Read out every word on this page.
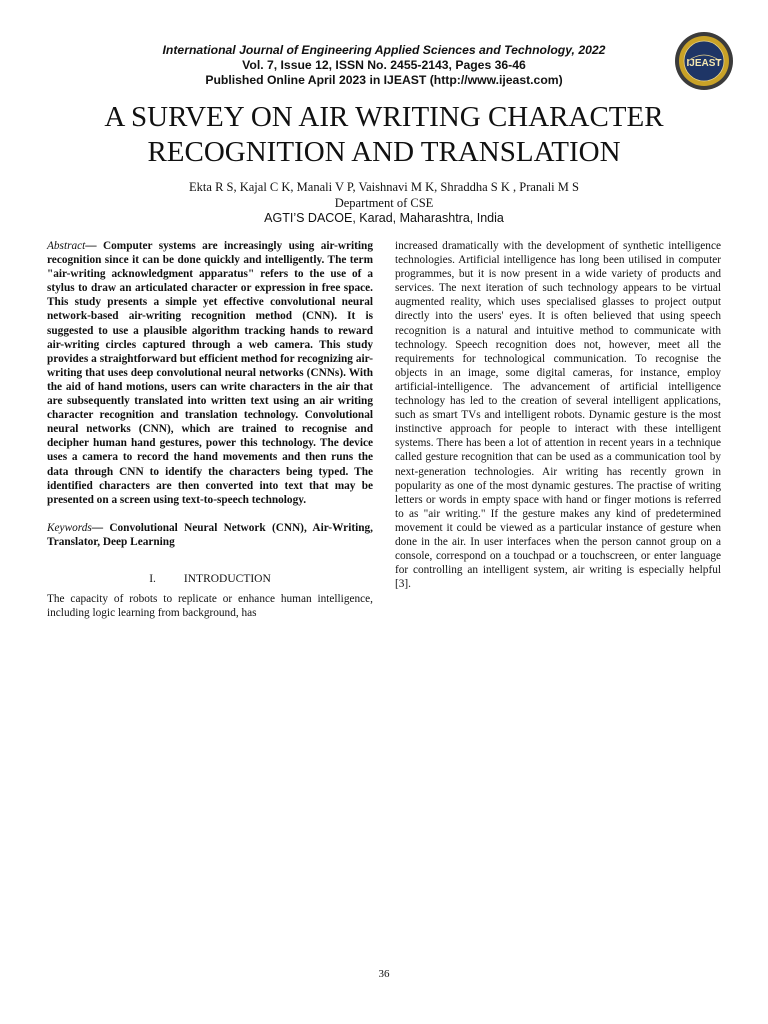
International Journal of Engineering Applied Sciences and Technology, 2022
Vol. 7, Issue 12, ISSN No. 2455-2143, Pages 36-46
Published Online April 2023 in IJEAST (http://www.ijeast.com)
IJEAST
A SURVEY ON AIR WRITING CHARACTER
RECOGNITION AND TRANSLATION
Ekta R S, Kajal C K, Manali V P, Vaishnavi M K, Shraddha S K , Pranali M S
Department of CSE
AGTI’S DACOE, Karad, Maharashtra, India

Abstract— Computer systems are increasingly using air-writing recognition since it can be done quickly and intelligently. The term "air-writing acknowledgment apparatus" refers to the use of a stylus to draw an articulated character or expression in free space. This study presents a simple yet effective convolutional neural network-based air-writing recognition method (CNN). It is suggested to use a plausible algorithm tracking hands to reward air-writing circles captured through a web camera. This study provides a straightforward but efficient method for recognizing air-writing that uses deep convolutional neural networks (CNNs). With the aid of hand motions, users can write characters in the air that are subsequently translated into written text using an air writing character recognition and translation technology. Convolutional neural networks (CNN), which are trained to recognise and decipher human hand gestures, power this technology. The device uses a camera to record the hand movements and then runs the data through CNN to identify the characters being typed. The identified characters are then converted into text that may be presented on a screen using text-to-speech technology.

Keywords— Convolutional Neural Network (CNN), Air-Writing, Translator, Deep Learning

I. INTRODUCTION

The capacity of robots to replicate or enhance human intelligence, including logic learning from background, has

increased dramatically with the development of synthetic intelligence technologies. Artificial intelligence has long been utilised in computer programmes, but it is now present in a wide variety of products and services. The next iteration of such technology appears to be virtual augmented reality, which uses specialised glasses to project output directly into the users' eyes. It is often believed that using speech recognition is a natural and intuitive method to communicate with technology. Speech recognition does not, however, meet all the requirements for technological communication. To recognise the objects in an image, some digital cameras, for instance, employ artificial-intelligence. The advancement of artificial intelligence technology has led to the creation of several intelligent applications, such as smart TVs and intelligent robots. Dynamic gesture is the most instinctive approach for people to interact with these intelligent systems. There has been a lot of attention in recent years in a technique called gesture recognition that can be used as a communication tool by next-generation technologies. Air writing has recently grown in popularity as one of the most dynamic gestures. The practise of writing letters or words in empty space with hand or finger motions is referred to as "air writing." If the gesture makes any kind of predetermined movement it could be viewed as a particular instance of gesture when done in the air. In user interfaces when the person cannot group on a console, correspond on a touchpad or a touchscreen, or enter language for controlling an intelligent system, air writing is especially helpful [3].

36
